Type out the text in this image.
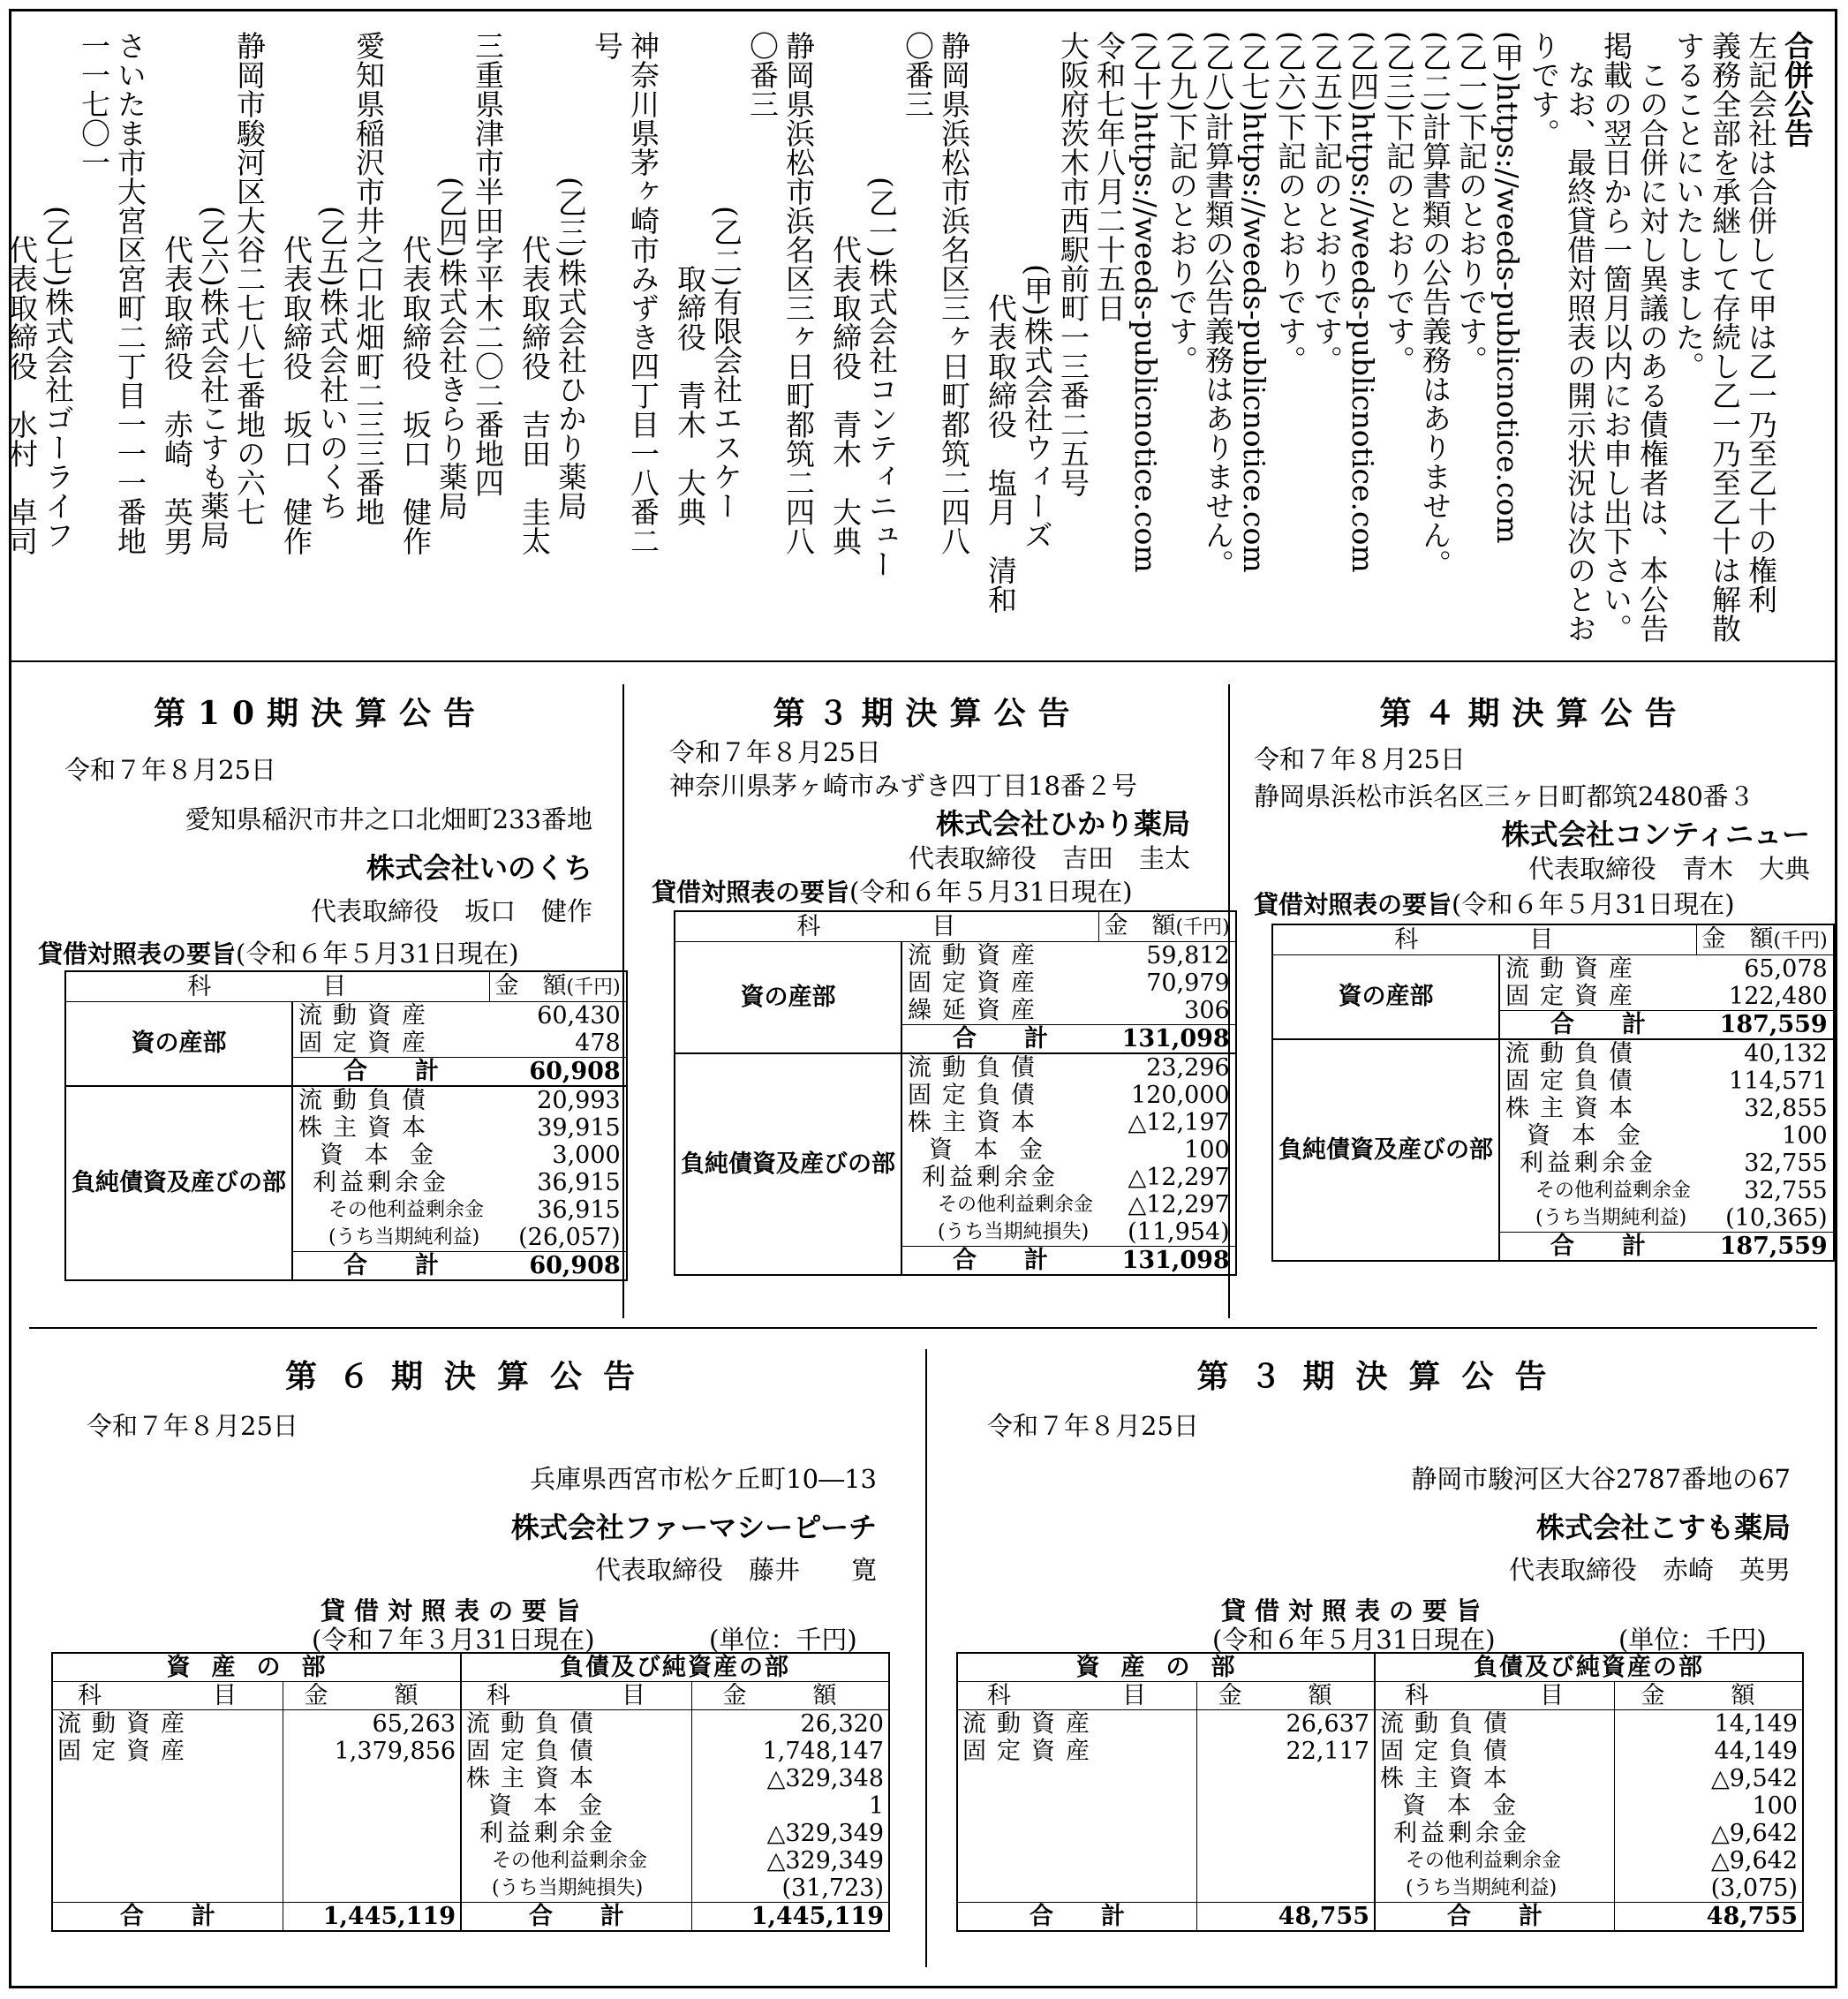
合併公告
左記会社は合併して甲は乙一乃至乙十の権利
義務全部を承継して存続し乙一乃至乙十は解散
することにいたしました。
　この合併に対し異議のある債権者は、本公告
掲載の翌日から一箇月以内にお申し出下さい。
　なお、最終貸借対照表の開示状況は次のとお
りです。
(甲)https://weeds-publicnotice.com
(乙一)下記のとおりです。
(乙二)計算書類の公告義務はありません。
(乙三)下記のとおりです。
(乙四)https://weeds-publicnotice.com
(乙五)下記のとおりです。
(乙六)下記のとおりです。
(乙七)https://weeds-publicnotice.com
(乙八)計算書類の公告義務はありません。
(乙九)下記のとおりです。
(乙十)https://weeds-publicnotice.com
令和七年八月二十五日
大阪府茨木市西駅前町一三番二五号
　　　　　　　　(甲)株式会社ウィーズ
　　　　　　　　　代表取締役　塩月　清和
静岡県浜松市浜名区三ヶ日町都筑二四八
〇番三
　　　　　(乙一)株式会社コンティニュー
　　　　　　　代表取締役　青木　大典
静岡県浜松市浜名区三ヶ日町都筑二四八
〇番三
　　　　　　(乙二)有限会社エスケー
　　　　　　　　取締役　青木　大典
神奈川県茅ヶ崎市みずき四丁目一八番二
号
　　　　　(乙三)株式会社ひかり薬局
　　　　　　　代表取締役　吉田　圭太
三重県津市半田字平木二〇二番地四
　　　　　(乙四)株式会社きらり薬局
　　　　　　　代表取締役　坂口　健作
愛知県稲沢市井之口北畑町二三三番地
　　　　　　(乙五)株式会社いのくち
　　　　　　　代表取締役　坂口　健作
静岡市駿河区大谷二七八七番地の六七
　　　　　　(乙六)株式会社こすも薬局
　　　　　　　代表取締役　赤崎　英男
さいたま市大宮区宮町二丁目一一一番地
一一七〇一
　　　　　　(乙七)株式会社ゴーライフ
　　　　　　　代表取締役　水村　卓司
第10期決算公告
令和７年８月25日
愛知県稲沢市井之口北畑町233番地
株式会社いのくち
代表取締役　坂口　健作
貸借対照表の要旨(令和６年５月31日現在)
科　　目		金　額(千円)
資の産部	流動資産	60,430
	固定資産	478
	合　　計	60,908
負純債資及産びの部	流動負債	20,993
	株主資本	39,915
	資本金	3,000
	利益剰余金	36,915
	その他利益剰余金	36,915
	(うち当期純利益)	(26,057)
	合　　計	60,908
第３期決算公告
令和７年８月25日
神奈川県茅ヶ崎市みずき四丁目18番２号
株式会社ひかり薬局
代表取締役　吉田　圭太
貸借対照表の要旨(令和６年５月31日現在)
科　　目		金　額(千円)
資の産部	流動資産	59,812
	固定資産	70,979
	繰延資産	306
	合　　計	131,098
負純債資及産びの部	流動負債	23,296
	固定負債	120,000
	株主資本	△12,197
	資本金	100
	利益剰余金	△12,297
	その他利益剰余金	△12,297
	(うち当期純損失)	(11,954)
	合　　計	131,098
第４期決算公告
令和７年８月25日
静岡県浜松市浜名区三ヶ日町都筑2480番３
株式会社コンティニュー
代表取締役　青木　大典
貸借対照表の要旨(令和６年５月31日現在)
科　　目		金　額(千円)
資の産部	流動資産	65,078
	固定資産	122,480
	合　　計	187,559
負純債資及産びの部	流動負債	40,132
	固定負債	114,571
	株主資本	32,855
	資本金	100
	利益剰余金	32,755
	その他利益剰余金	32,755
	(うち当期純利益)	(10,365)
	合　　計	187,559
第６期決算公告
令和７年８月25日
兵庫県西宮市松ケ丘町10―13
株式会社ファーマシーピーチ
代表取締役　藤井　　寛
貸借対照表の要旨
(令和７年３月31日現在)	(単位：千円)
資産の部		負債及び純資産の部	
科　　目	金　額	科　　目	金　額
流動資産	65,263	流動負債	26,320
固定資産	1,379,856	固定負債	1,748,147
		株主資本	△329,348
		資本金	1
		利益剰余金	△329,349
		その他利益剰余金	△329,349
		(うち当期純損失)	(31,723)
合　　計	1,445,119	合　　計	1,445,119
第３期決算公告
令和７年８月25日
静岡市駿河区大谷2787番地の67
株式会社こすも薬局
代表取締役　赤崎　英男
貸借対照表の要旨
(令和６年５月31日現在)	(単位：千円)
資産の部		負債及び純資産の部	
科　　目	金　額	科　　目	金　額
流動資産	26,637	流動負債	14,149
固定資産	22,117	固定負債	44,149
		株主資本	△9,542
		資本金	100
		利益剰余金	△9,642
		その他利益剰余金	△9,642
		(うち当期純利益)	(3,075)
合　　計	48,755	合　　計	48,755
